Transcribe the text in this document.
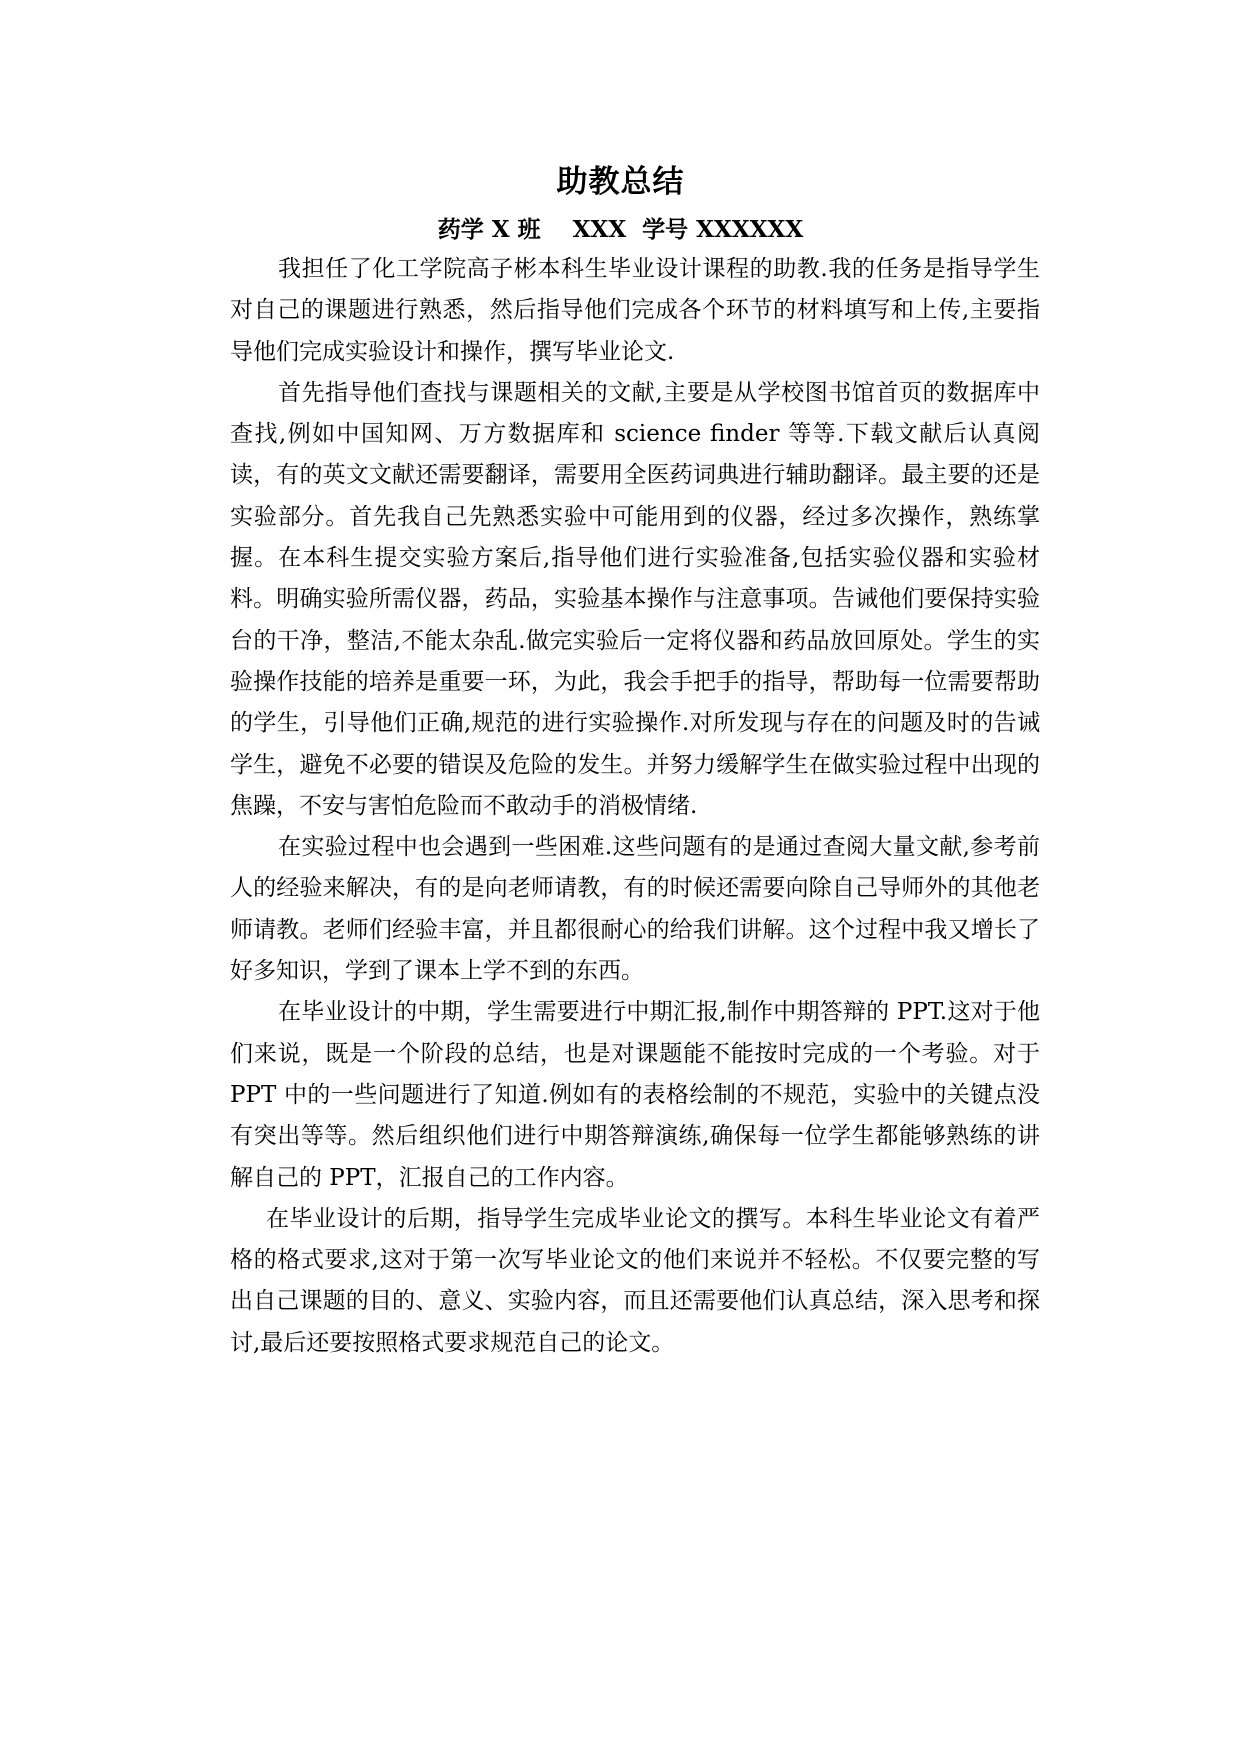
助教总结

药学 X 班    XXX  学号 XXXXXX

我担任了化工学院高子彬本科生毕业设计课程的助教.我的任务是指导学生对自己的课题进行熟悉，然后指导他们完成各个环节的材料填写和上传,主要指导他们完成实验设计和操作，撰写毕业论文.

首先指导他们查找与课题相关的文献,主要是从学校图书馆首页的数据库中查找,例如中国知网、万方数据库和 science finder 等等.下载文献后认真阅读，有的英文文献还需要翻译，需要用全医药词典进行辅助翻译。最主要的还是实验部分。首先我自己先熟悉实验中可能用到的仪器，经过多次操作，熟练掌握。在本科生提交实验方案后,指导他们进行实验准备,包括实验仪器和实验材料。明确实验所需仪器，药品，实验基本操作与注意事项。告诫他们要保持实验台的干净，整洁,不能太杂乱.做完实验后一定将仪器和药品放回原处。学生的实验操作技能的培养是重要一环，为此，我会手把手的指导，帮助每一位需要帮助的学生，引导他们正确,规范的进行实验操作.对所发现与存在的问题及时的告诫学生，避免不必要的错误及危险的发生。并努力缓解学生在做实验过程中出现的焦躁，不安与害怕危险而不敢动手的消极情绪.

在实验过程中也会遇到一些困难.这些问题有的是通过查阅大量文献,参考前人的经验来解决，有的是向老师请教，有的时候还需要向除自己导师外的其他老师请教。老师们经验丰富，并且都很耐心的给我们讲解。这个过程中我又增长了好多知识，学到了课本上学不到的东西。

在毕业设计的中期，学生需要进行中期汇报,制作中期答辩的 PPT.这对于他们来说，既是一个阶段的总结，也是对课题能不能按时完成的一个考验。对于 PPT 中的一些问题进行了知道.例如有的表格绘制的不规范，实验中的关键点没有突出等等。然后组织他们进行中期答辩演练,确保每一位学生都能够熟练的讲解自己的 PPT，汇报自己的工作内容。

在毕业设计的后期，指导学生完成毕业论文的撰写。本科生毕业论文有着严格的格式要求,这对于第一次写毕业论文的他们来说并不轻松。不仅要完整的写出自己课题的目的、意义、实验内容，而且还需要他们认真总结，深入思考和探讨,最后还要按照格式要求规范自己的论文。
